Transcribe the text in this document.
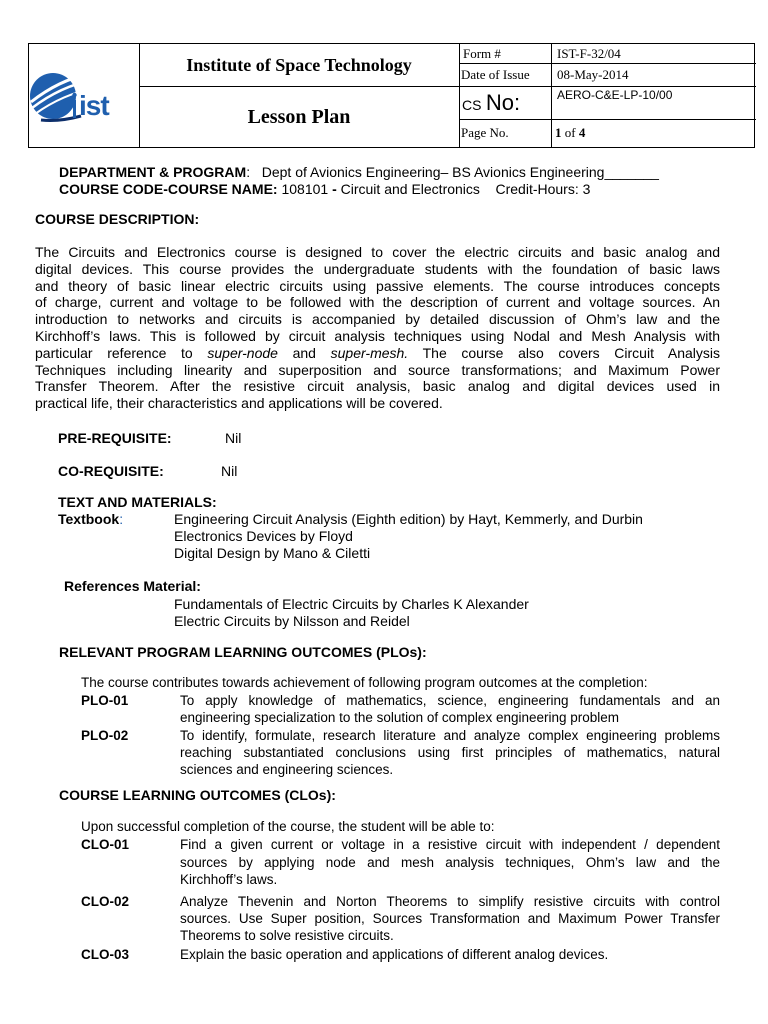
ist
Institute of Space Technology
Lesson Plan
Form #	IST-F-32/04
Date of Issue 08-May-2014
CS No:	AERO-C&E-LP-10/00
Page No.	1 of 4
DEPARTMENT & PROGRAM: Dept of Avionics Engineering– BS Avionics Engineering_______
COURSE CODE-COURSE NAME: 108101 - Circuit and Electronics Credit-Hours: 3
COURSE DESCRIPTION:
The Circuits and Electronics course is designed to cover the electric circuits and basic analog and
digital devices. This course provides the undergraduate students with the foundation of basic laws
and theory of basic linear electric circuits using passive elements. The course introduces concepts
of charge, current and voltage to be followed with the description of current and voltage sources. An
introduction to networks and circuits is accompanied by detailed discussion of Ohm’s law and the
Kirchhoff’s laws. This is followed by circuit analysis techniques using Nodal and Mesh Analysis with
particular reference to super-node and super-mesh. The course also covers Circuit Analysis
Techniques including linearity and superposition and source transformations; and Maximum Power
Transfer Theorem. After the resistive circuit analysis, basic analog and digital devices used in
practical life, their characteristics and applications will be covered.
PRE-REQUISITE:	Nil
CO-REQUISITE:	Nil
TEXT AND MATERIALS:
Textbook:	Engineering Circuit Analysis (Eighth edition) by Hayt, Kemmerly, and Durbin
Electronics Devices by Floyd
Digital Design by Mano & Ciletti
References Material:
Fundamentals of Electric Circuits by Charles K Alexander
Electric Circuits by Nilsson and Reidel
RELEVANT PROGRAM LEARNING OUTCOMES (PLOs):
The course contributes towards achievement of following program outcomes at the completion:
PLO-01	To apply knowledge of mathematics, science, engineering fundamentals and an
engineering specialization to the solution of complex engineering problem
PLO-02	To identify, formulate, research literature and analyze complex engineering problems
reaching substantiated conclusions using first principles of mathematics, natural
sciences and engineering sciences.
COURSE LEARNING OUTCOMES (CLOs):
Upon successful completion of the course, the student will be able to:
CLO-01	Find a given current or voltage in a resistive circuit with independent / dependent
sources by applying node and mesh analysis techniques, Ohm’s law and the
Kirchhoff’s laws.
CLO-02	Analyze Thevenin and Norton Theorems to simplify resistive circuits with control
sources. Use Super position, Sources Transformation and Maximum Power Transfer
Theorems to solve resistive circuits.
CLO-03	Explain the basic operation and applications of different analog devices.
